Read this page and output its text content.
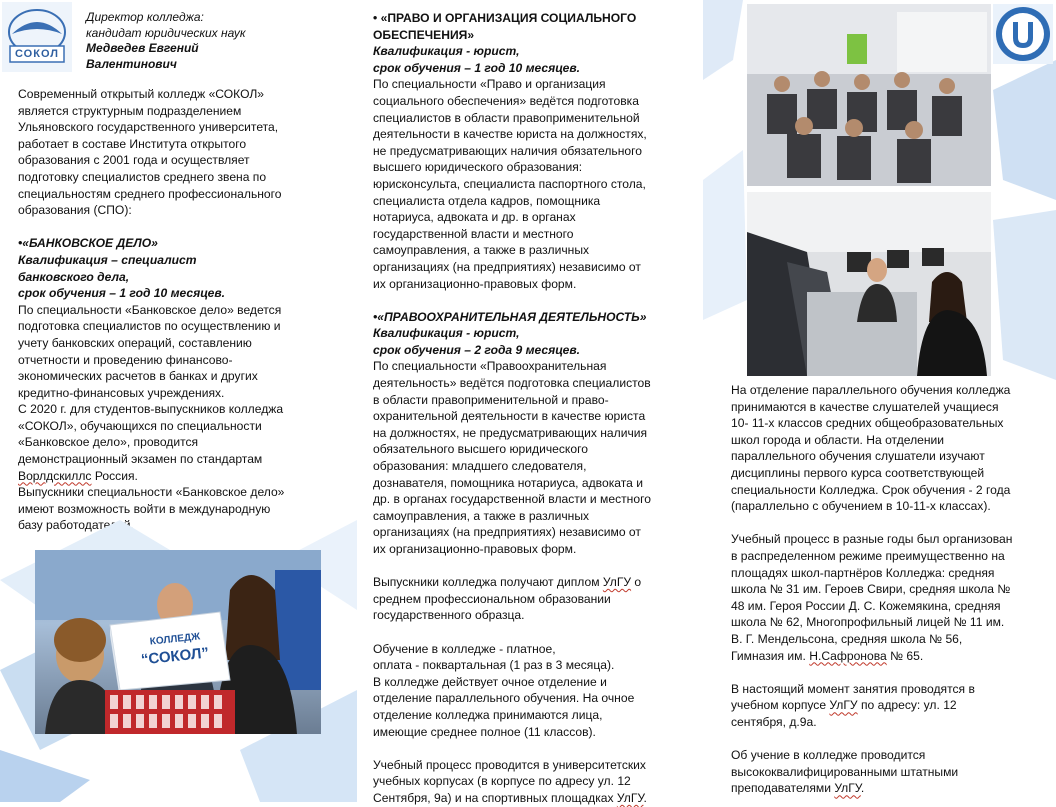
СОКОЛ

Директор колледжа:

кандидат юридических наук

Медведев Евгений

Валентинович

Современный открытый колледж «СОКОЛ»

является структурным подразделением

Ульяновского государственного университета,

работает в составе Института открытого

образования с 2001 года и осуществляет

подготовку специалистов среднего звена по

специальностям среднего профессионального

образования (СПО):

•«БАНКОВСКОЕ ДЕЛО»

Квалификация – специалист

банковского дела,

срок обучения – 1 год 10 месяцев.

По специальности «Банковское дело» ведется

подготовка специалистов по осуществлению и

учету банковских операций, составлению

отчетности и проведению финансово-

экономических расчетов в банках и других

кредитно-финансовых учреждениях.

С 2020 г. для студентов-выпускников колледжа

«СОКОЛ», обучающихся по специальности

«Банковское дело», проводится

демонстрационный экзамен по стандартам

Ворлдскиллс Россия.

Выпускники специальности «Банковское дело»

имеют возможность войти в международную

базу работодателей.

КОЛЛЕДЖ
“СОКОЛ”

• «ПРАВО И ОРГАНИЗАЦИЯ СОЦИАЛЬНОГО

ОБЕСПЕЧЕНИЯ»

Квалификация - юрист,

срок обучения – 1 год 10 месяцев.

По специальности «Право и организация

социального обеспечения» ведётся подготовка

специалистов в области правоприменительной

деятельности в качестве юриста на должностях,

не предусматривающих наличия обязательного

высшего юридического образования:

юрисконсульта, специалиста паспортного стола,

специалиста отдела кадров, помощника

нотариуса, адвоката и др. в органах

государственной власти и местного

самоуправления, а также в различных

организациях (на предприятиях) независимо от

их организационно-правовых форм.

•«ПРАВООХРАНИТЕЛЬНАЯ ДЕЯТЕЛЬНОСТЬ»

Квалификация - юрист,

срок обучения – 2 года 9 месяцев.

По специальности «Правоохранительная

деятельность» ведётся подготовка специалистов

в области правоприменительной и право-

охранительной деятельности в качестве юриста

на должностях, не предусматривающих наличия

обязательного высшего юридического

образования: младшего следователя,

дознавателя, помощника нотариуса, адвоката и

др. в органах государственной власти и местного

самоуправления, а также в различных

организациях (на предприятиях) независимо от

их организационно-правовых форм.

Выпускники колледжа получают диплом УлГУ о

среднем профессиональном образовании

государственного образца.

Обучение в колледже - платное,

оплата - поквартальная (1 раз в 3 месяца).

В колледже действует очное отделение и

отделение параллельного обучения. На очное

отделение колледжа принимаются лица,

имеющие среднее полное (11 классов).

Учебный процесс проводится в университетских

учебных корпусах (в корпусе по адресу ул. 12

Сентября, 9а) и на спортивных площадках УлГУ.

На отделение параллельного обучения колледжа

принимаются в качестве слушателей учащиеся

10- 11-х классов средних общеобразовательных

школ города и области. На отделении

параллельного обучения слушатели изучают

дисциплины первого курса соответствующей

специальности Колледжа. Срок обучения - 2 года

(параллельно с обучением в 10-11-х классах).

Учебный процесс в разные годы был организован

в распределенном режиме преимущественно на

площадях школ-партнёров Колледжа: средняя

школа № 31 им. Героев Свири, средняя школа №

48 им. Героя России Д. С. Кожемякина, средняя

школа № 62, Многопрофильный лицей № 11 им.

В. Г. Мендельсона, средняя школа № 56,

Гимназия им. Н.Сафронова № 65.

В настоящий момент занятия проводятся в

учебном корпусе УлГУ по адресу: ул. 12

сентября, д.9а.

Об учение в колледже проводится

высококвалифицированными штатными

преподавателями УлГУ.
